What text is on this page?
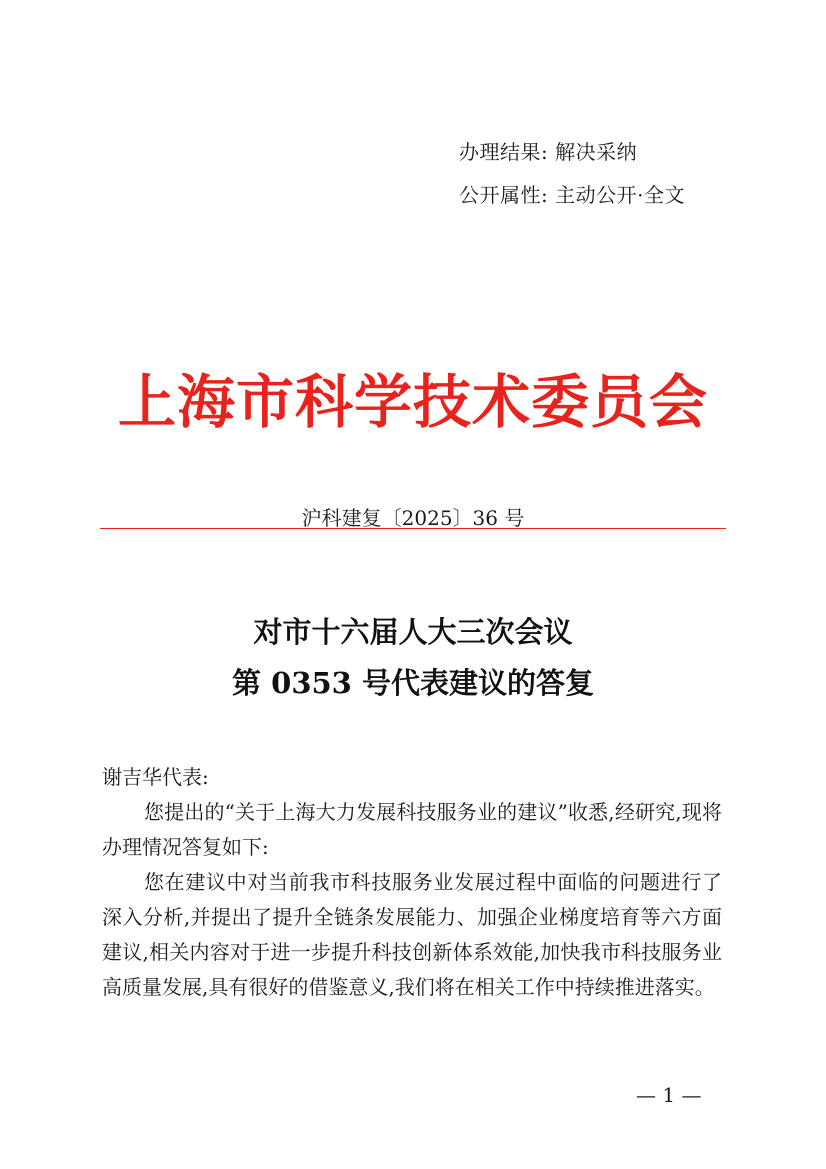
办理结果: 解决采纳
公开属性: 主动公开·全文
上海市科学技术委员会
沪科建复〔2025〕36 号
对市十六届人大三次会议
第 0353 号代表建议的答复

谢吉华代表:

您提出的“关于上海大力发展科技服务业的建议”收悉,经研究,现将办理情况答复如下:

您在建议中对当前我市科技服务业发展过程中面临的问题进行了深入分析,并提出了提升全链条发展能力、加强企业梯度培育等六方面建议,相关内容对于进一步提升科技创新体系效能,加快我市科技服务业高质量发展,具有很好的借鉴意义,我们将在相关工作中持续推进落实。

— 1 —
